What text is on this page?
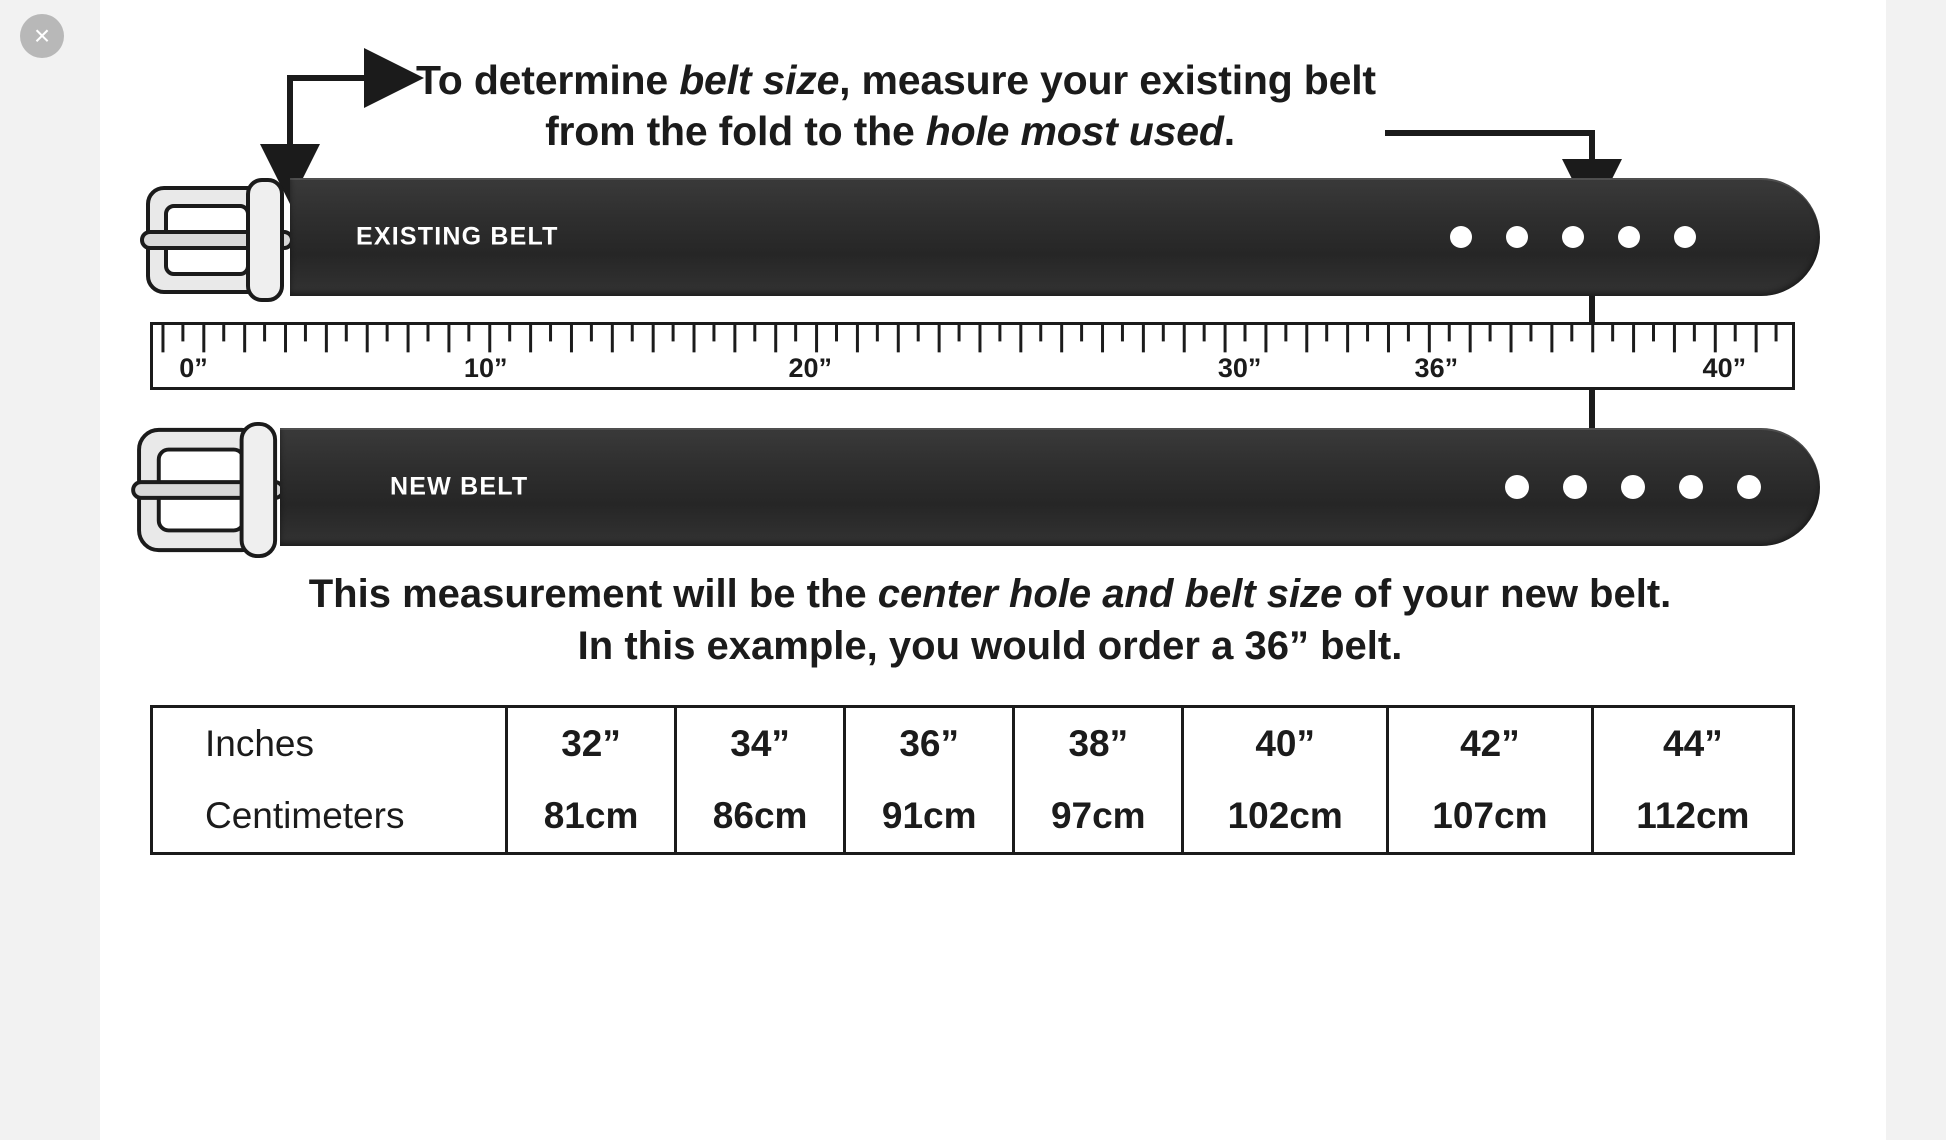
×
To determine belt size, measure your existing belt
from the fold to the hole most used.
EXISTING BELT
0”	10”	20”	30”	36”	40”
NEW BELT
This measurement will be the center hole and belt size of your new belt.
In this example, you would order a 36” belt.
Inches	32”	34”	36”	38”	40”	42”	44”
Centimeters	81cm	86cm	91cm	97cm	102cm	107cm	112cm
